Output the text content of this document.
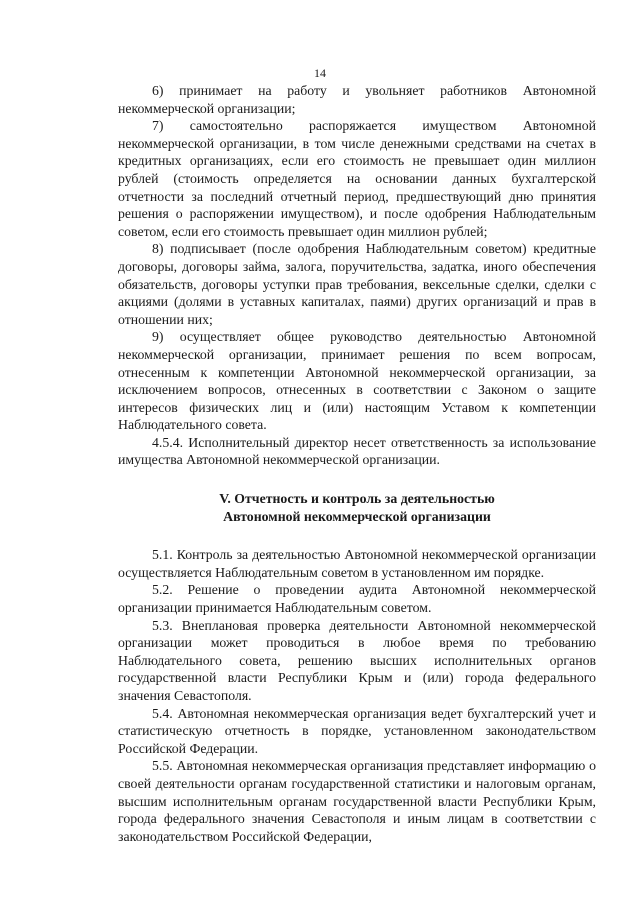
14

6) принимает на работу и увольняет работников Автономной некоммерческой организации;

7) самостоятельно распоряжается имуществом Автономной некоммерческой организации, в том числе денежными средствами на счетах в кредитных организациях, если его стоимость не превышает один миллион рублей (стоимость определяется на основании данных бухгалтерской отчетности за последний отчетный период, предшествующий дню принятия решения о распоряжении имуществом), и после одобрения Наблюдательным советом, если его стоимость превышает один миллион рублей;

8) подписывает (после одобрения Наблюдательным советом) кредитные договоры, договоры займа, залога, поручительства, задатка, иного обеспечения обязательств, договоры уступки прав требования, вексельные сделки, сделки с акциями (долями в уставных капиталах, паями) других организаций и прав в отношении них;

9) осуществляет общее руководство деятельностью Автономной некоммерческой организации, принимает решения по всем вопросам, отнесенным к компетенции Автономной некоммерческой организации, за исключением вопросов, отнесенных в соответствии с Законом о защите интересов физических лиц и (или) настоящим Уставом к компетенции Наблюдательного совета.

4.5.4. Исполнительный директор несет ответственность за использование имущества Автономной некоммерческой организации.

V. Отчетность и контроль за деятельностью
Автономной некоммерческой организации

5.1. Контроль за деятельностью Автономной некоммерческой организации осуществляется Наблюдательным советом в установленном им порядке.

5.2. Решение о проведении аудита Автономной некоммерческой организации принимается Наблюдательным советом.

5.3. Внеплановая проверка деятельности Автономной некоммерческой организации может проводиться в любое время по требованию Наблюдательного совета, решению высших исполнительных органов государственной власти Республики Крым и (или) города федерального значения Севастополя.

5.4. Автономная некоммерческая организация ведет бухгалтерский учет и статистическую отчетность в порядке, установленном законодательством Российской Федерации.

5.5. Автономная некоммерческая организация представляет информацию о своей деятельности органам государственной статистики и налоговым органам, высшим исполнительным органам государственной власти Республики Крым, города федерального значения Севастополя и иным лицам в соответствии с законодательством Российской Федерации,
